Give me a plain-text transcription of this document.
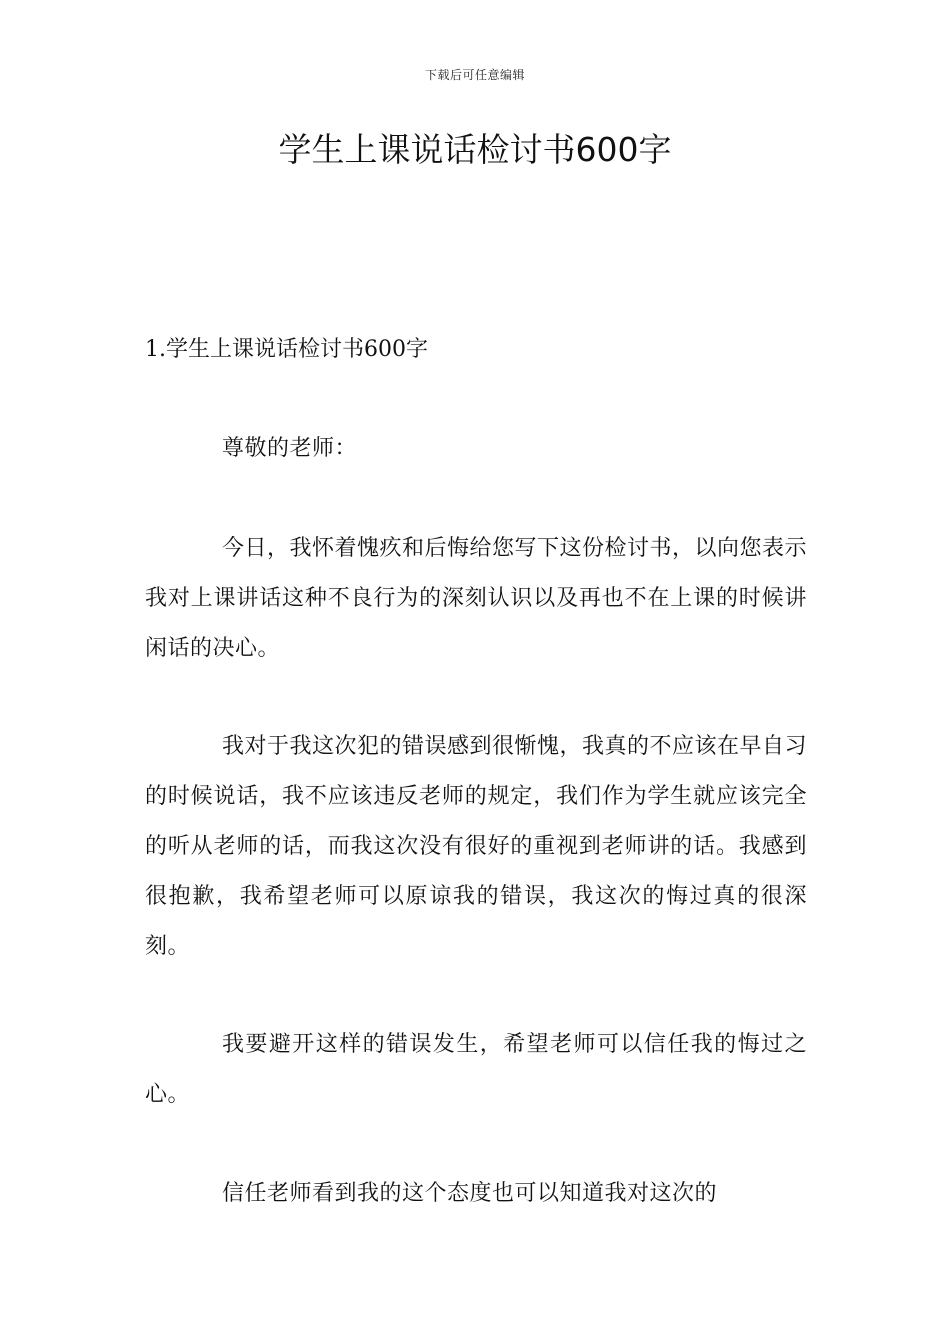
下载后可任意编辑
学生上课说话检讨书600字
1.学生上课说话检讨书600字

尊敬的老师：

今日，我怀着愧疚和后悔给您写下这份检讨书，以向您表示我对上课讲话这种不良行为的深刻认识以及再也不在上课的时候讲闲话的决心。

我对于我这次犯的错误感到很惭愧，我真的不应该在早自习的时候说话，我不应该违反老师的规定，我们作为学生就应该完全的听从老师的话，而我这次没有很好的重视到老师讲的话。我感到很抱歉，我希望老师可以原谅我的错误，我这次的悔过真的很深刻。

我要避开这样的错误发生，希望老师可以信任我的悔过之心。

信任老师看到我的这个态度也可以知道我对这次的
